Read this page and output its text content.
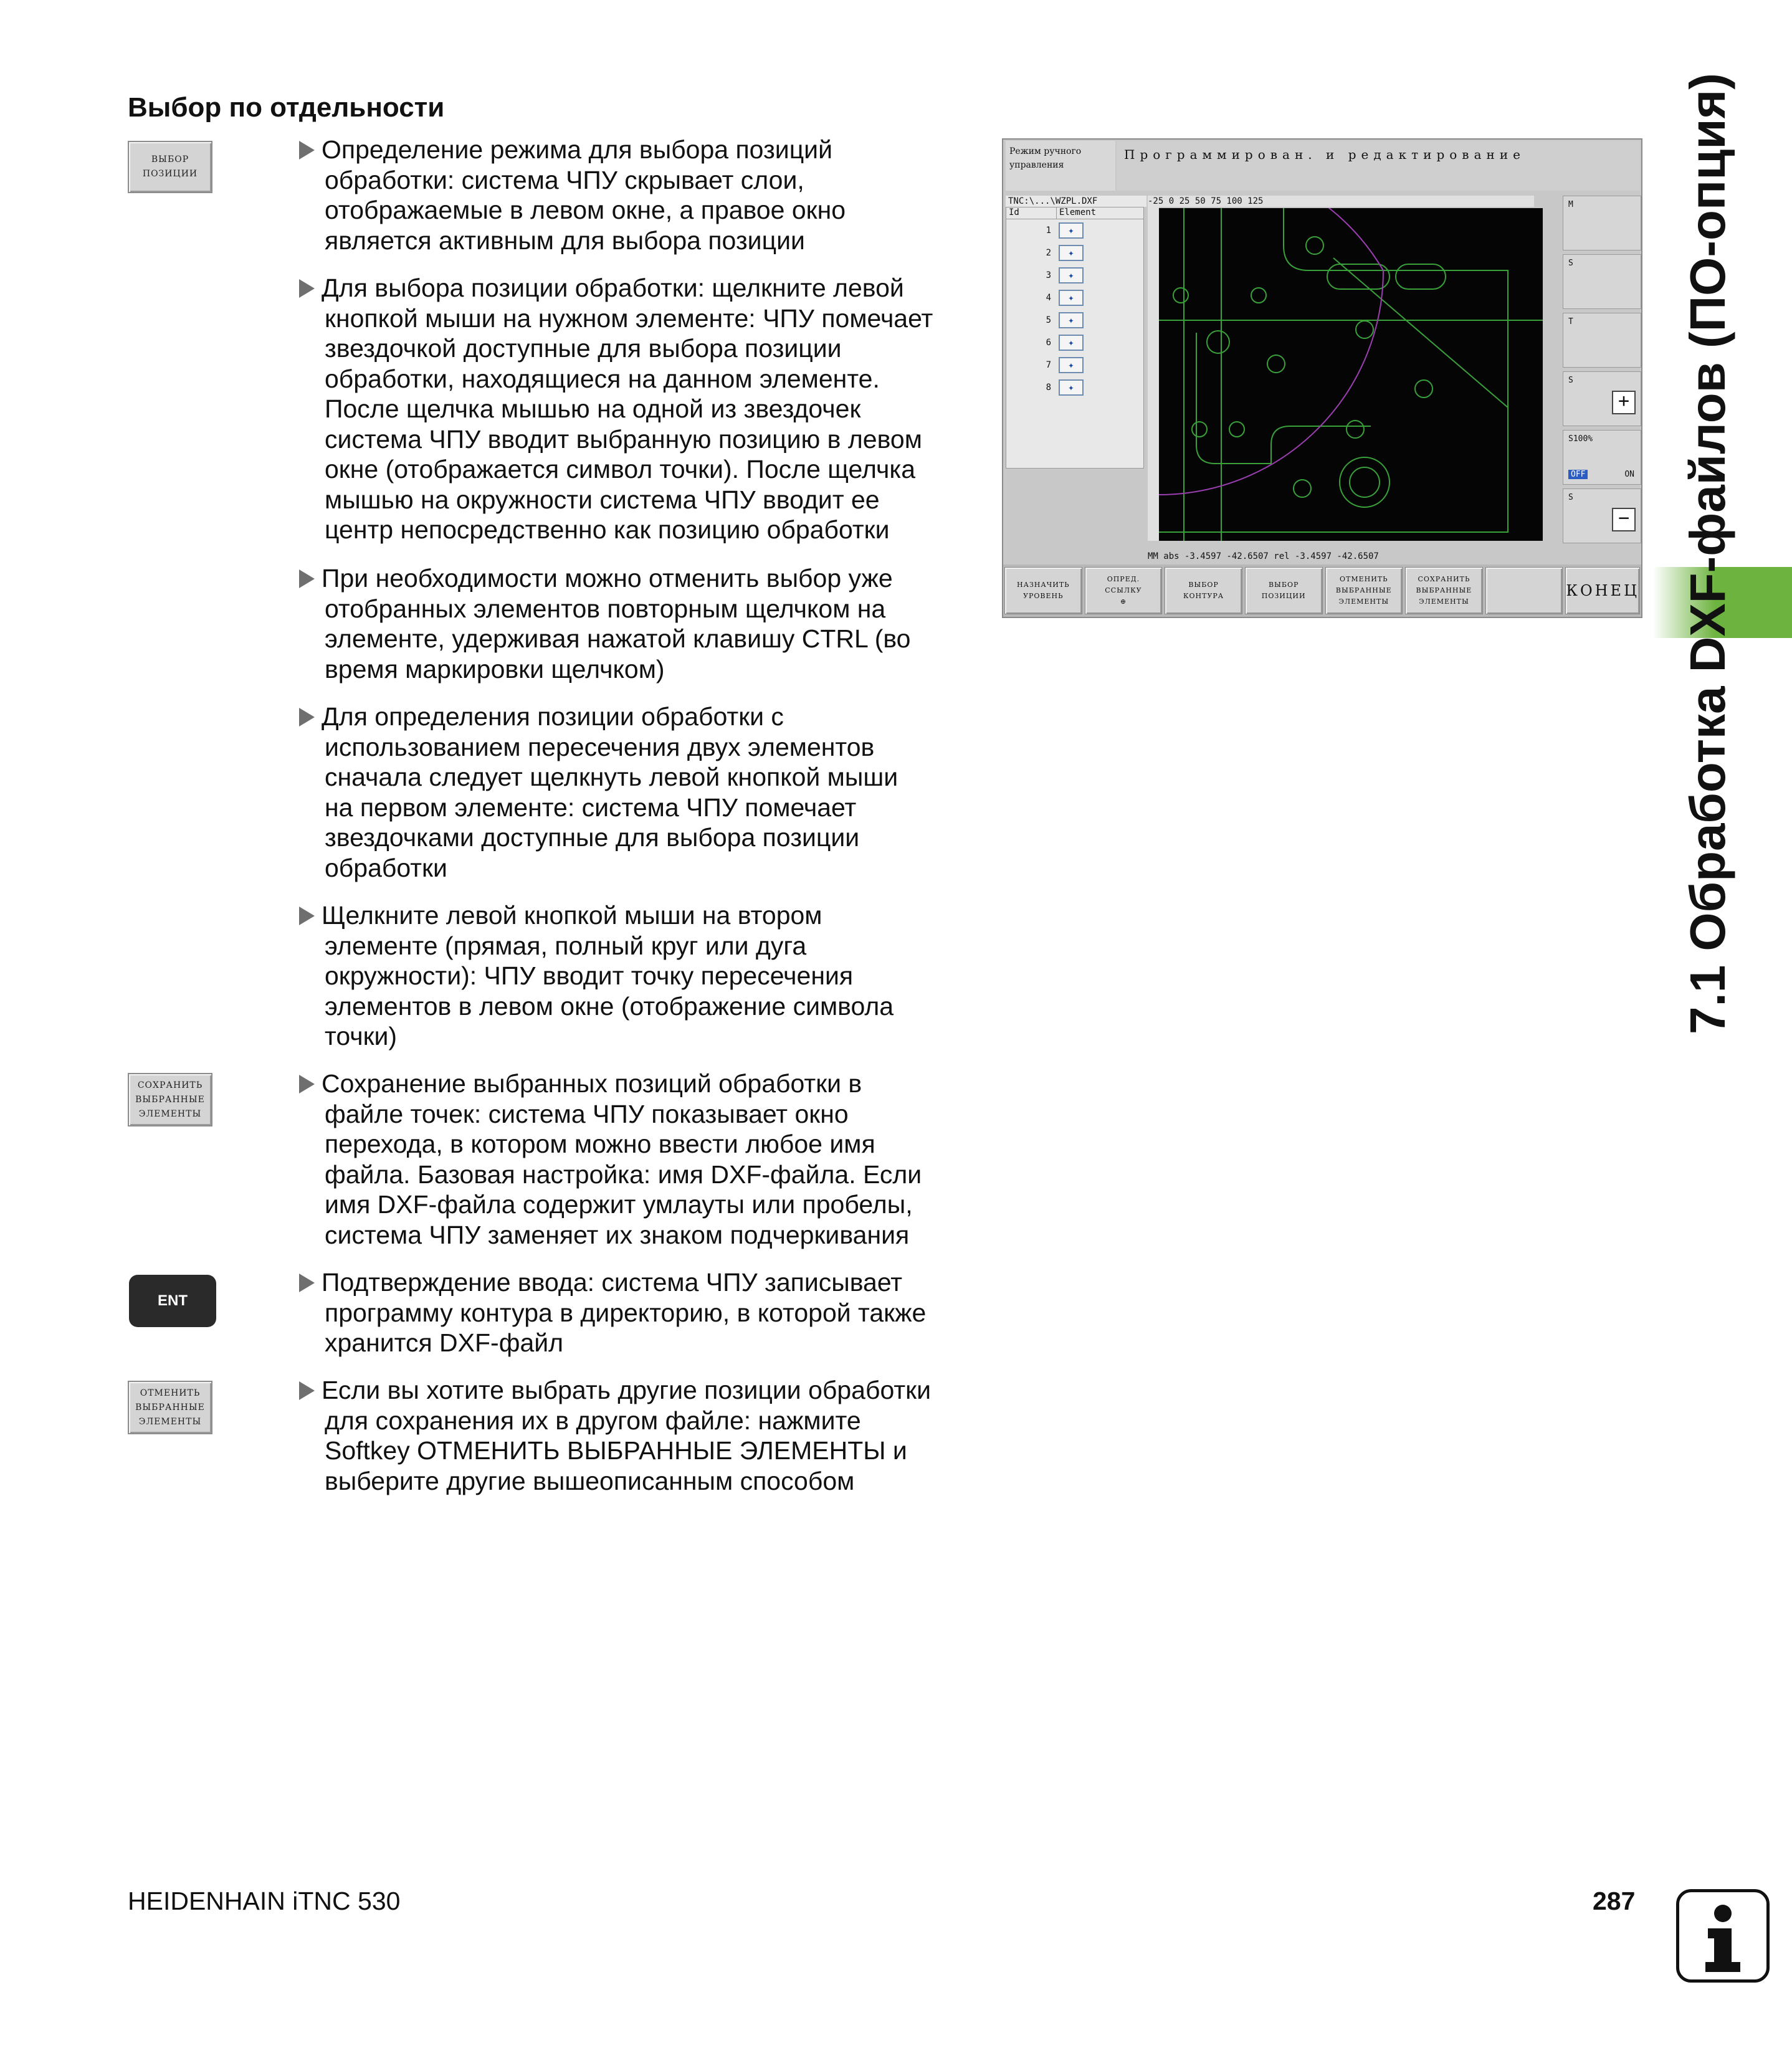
Выбор по отдельности
ВЫБОР
ПОЗИЦИИ
СОХРАНИТЬ
ВЫБРАННЫЕ
ЭЛЕМЕНТЫ
ENT
ОТМЕНИТЬ
ВЫБРАННЫЕ
ЭЛЕМЕНТЫ
Определение режима для выбора позиций
обработки: система ЧПУ скрывает слои,
отображаемые в левом окне, а правое окно
является активным для выбора позиции
Для выбора позиции обработки: щелкните левой
кнопкой мыши на нужном элементе: ЧПУ помечает
звездочкой доступные для выбора позиции
обработки, находящиеся на данном элементе.
После щелчка мышью на одной из звездочек
система ЧПУ вводит выбранную позицию в левом
окне (отображается символ точки). После щелчка
мышью на окружности система ЧПУ вводит ее
центр непосредственно как позицию обработки
При необходимости можно отменить выбор уже
отобранных элементов повторным щелчком на
элементе, удерживая нажатой клавишу CTRL (во
время маркировки щелчком)
Для определения позиции обработки с
использованием пересечения двух элементов
сначала следует щелкнуть левой кнопкой мыши
на первом элементе: система ЧПУ помечает
звездочками доступные для выбора позиции
обработки
Щелкните левой кнопкой мыши на втором
элементе (прямая, полный круг или дуга
окружности): ЧПУ вводит точку пересечения
элементов в левом окне (отображение символа
точки)
Сохранение выбранных позиций обработки в
файле точек: система ЧПУ показывает окно
перехода, в котором можно ввести любое имя
файла. Базовая настройка: имя DXF-файла. Если
имя DXF-файла содержит умлауты или пробелы,
система ЧПУ заменяет их знаком подчеркивания
Подтверждение ввода: система ЧПУ записывает
программу контура в директорию, в которой также
хранится DXF-файл
Если вы хотите выбрать другие позиции обработки
для сохранения их в другом файле: нажмите
Softkey ОТМЕНИТЬ ВЫБРАННЫЕ ЭЛЕМЕНТЫ и
выберите другие вышеописанным способом
Режим ручного
управления
Программирован. и редактирование
TNC:\...\WZPL.DXF
Id	Element
1	✦
2	✦
3	✦
4	✦
5	✦
6	✦
7	✦
8	✦
-25 0 25 50 75 100 125
MM abs -3.4597 -42.6507 rel -3.4597 -42.6507
M
S
T
S
+
S100%
OFF	ON
S
−
НАЗНАЧИТЬ
УРОВЕНЬ
ОПРЕД.
ССЫЛКУ
⊕
ВЫБОР
КОНТУРА
ВЫБОР
ПОЗИЦИИ
ОТМЕНИТЬ
ВЫБРАННЫЕ
ЭЛЕМЕНТЫ
СОХРАНИТЬ
ВЫБРАННЫЕ
ЭЛЕМЕНТЫ
КОНЕЦ 7.1 Обработка DXF-файлов (ПО-опция)
HEIDENHAIN iTNC 530	287
